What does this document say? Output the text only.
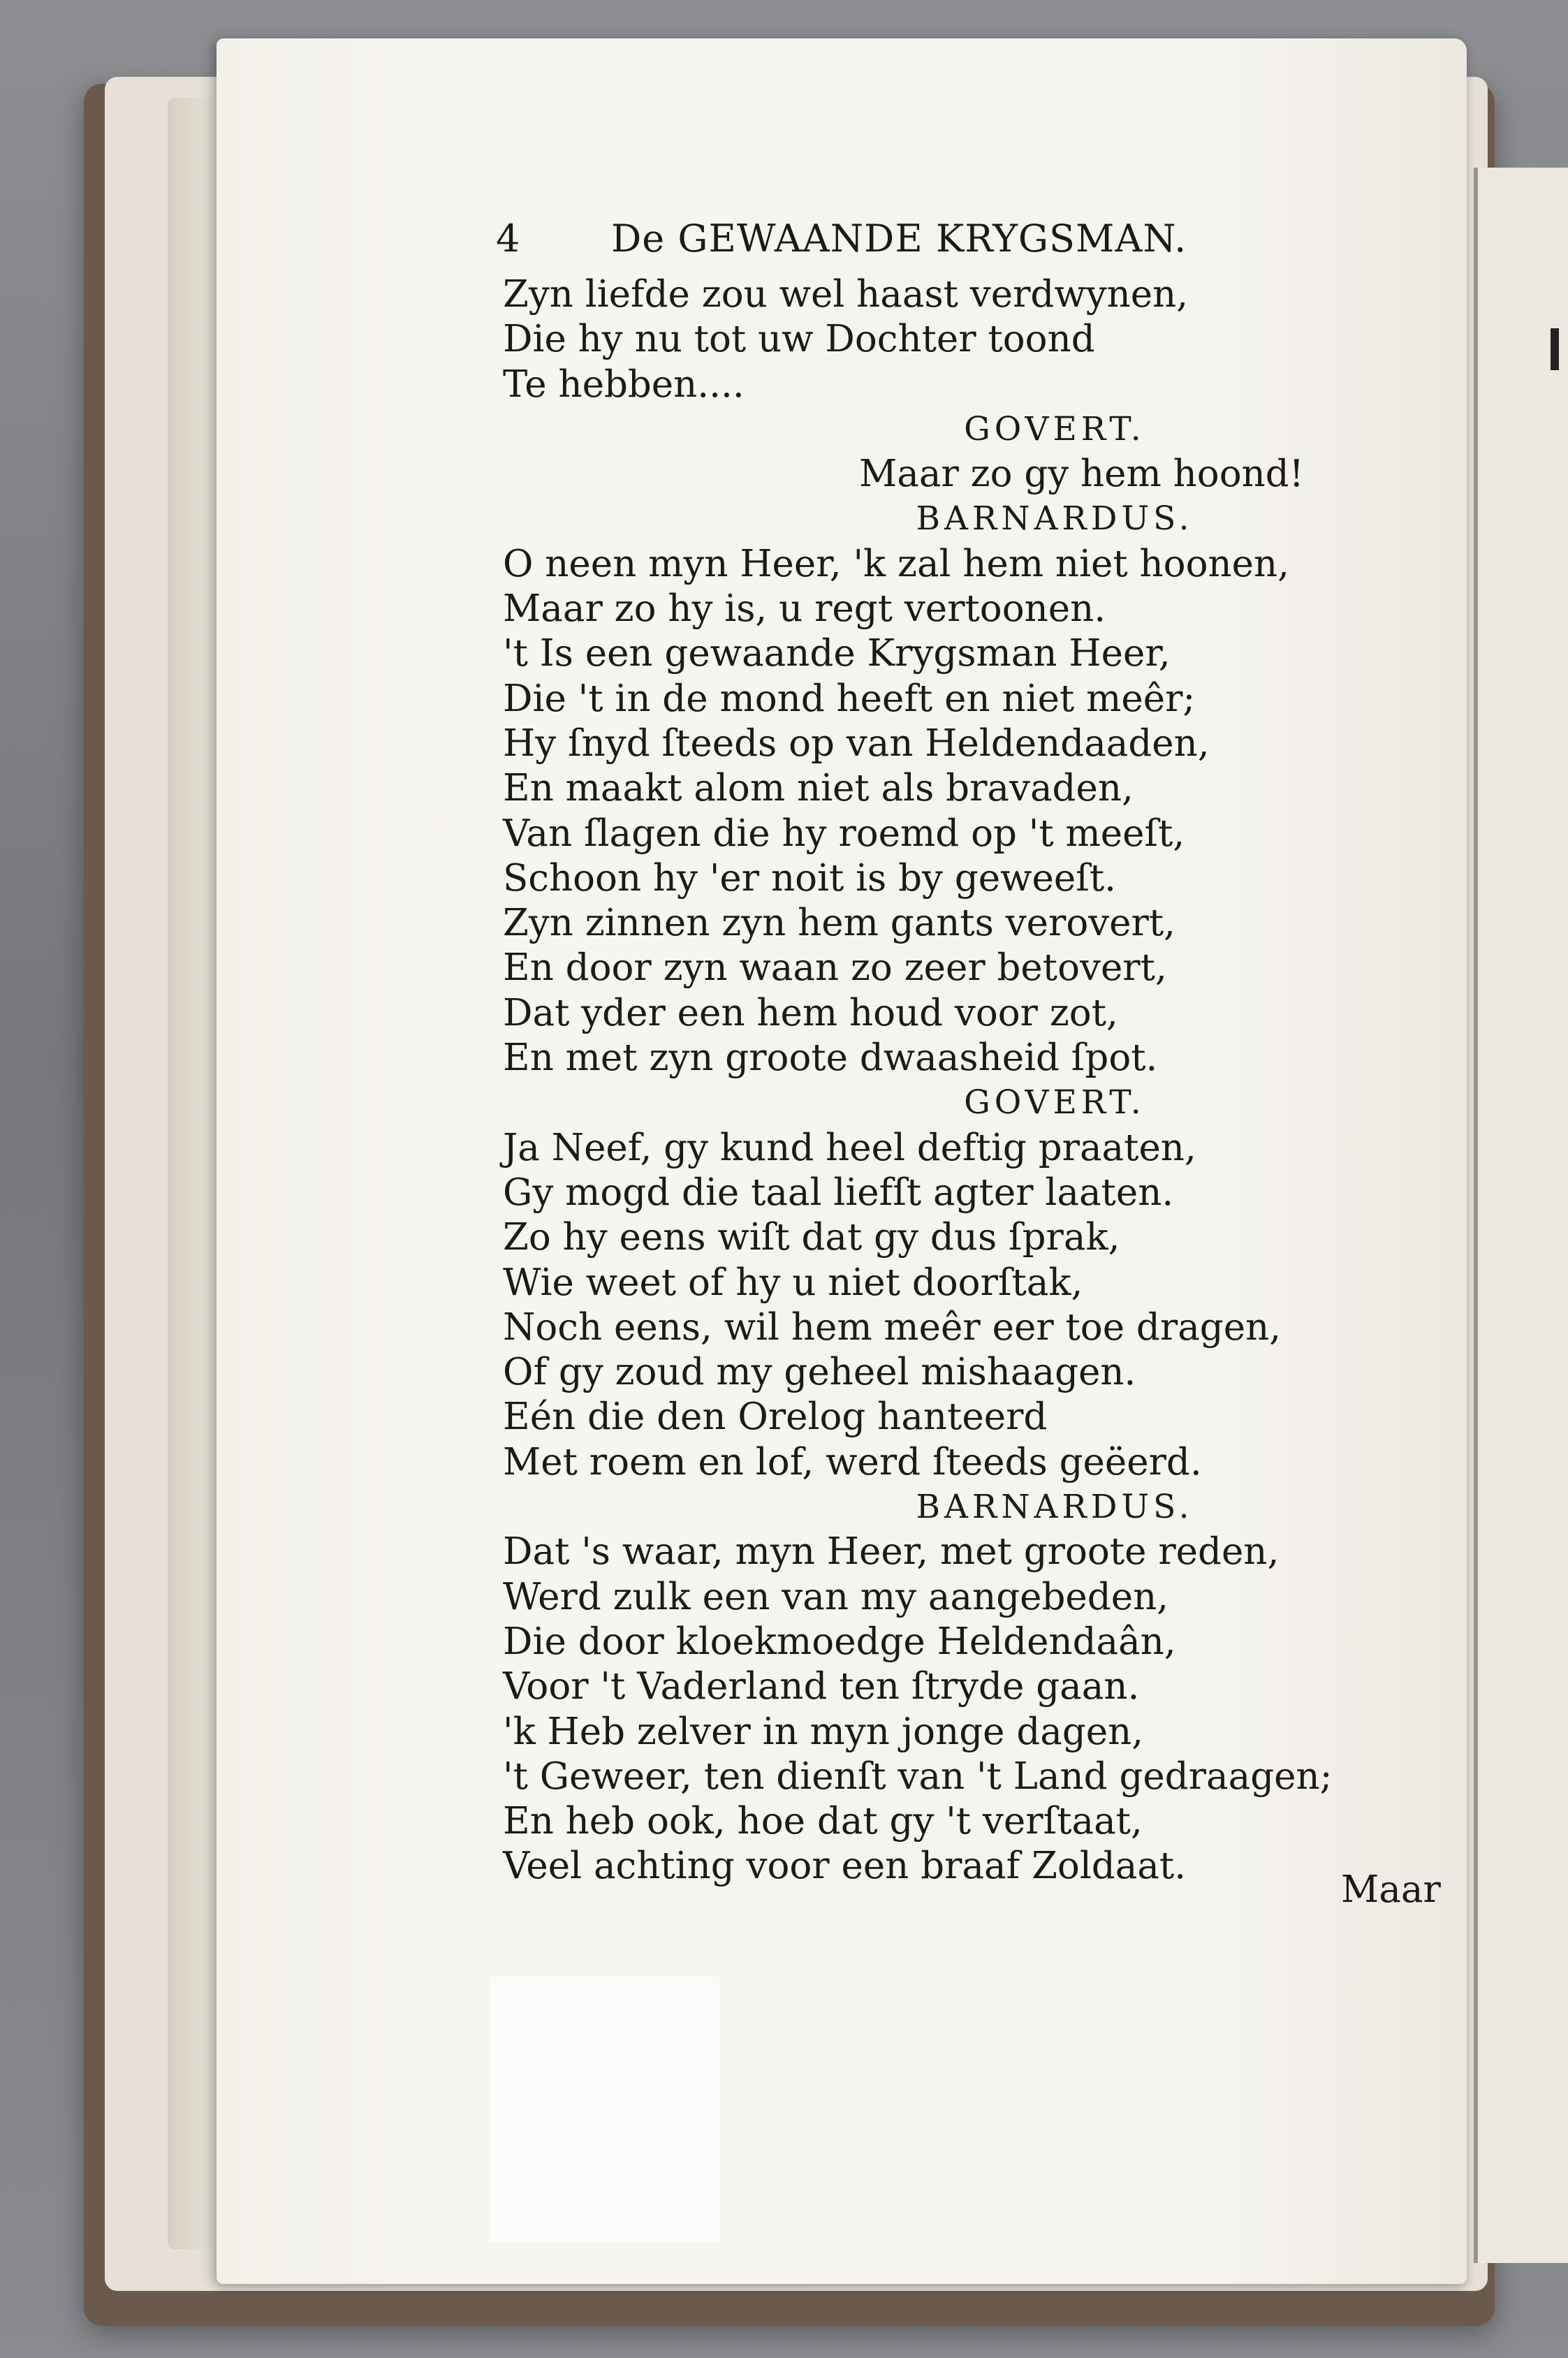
4 De GEWAANDE KRYGSMAN.
Zyn liefde zou wel haast verdwynen,
Die hy nu tot uw Dochter toond
Te hebben....
GOVERT.
Maar zo gy hem hoond!
BARNARDUS.
O neen myn Heer, 'k zal hem niet hoonen,
Maar zo hy is, u regt vertoonen.
't Is een gewaande Krygsman Heer,
Die 't in de mond heeft en niet meêr;
Hy ſnyd ſteeds op van Heldendaaden,
En maakt alom niet als bravaden,
Van ſlagen die hy roemd op 't meeſt,
Schoon hy 'er noit is by geweeſt.
Zyn zinnen zyn hem gants verovert,
En door zyn waan zo zeer betovert,
Dat yder een hem houd voor zot,
En met zyn groote dwaasheid ſpot.
GOVERT.
Ja Neef, gy kund heel deftig praaten,
Gy mogd die taal liefſt agter laaten.
Zo hy eens wiſt dat gy dus ſprak,
Wie weet of hy u niet doorſtak,
Noch eens, wil hem meêr eer toe dragen,
Of gy zoud my geheel mishaagen.
Eén die den Orelog hanteerd
Met roem en lof, werd ſteeds geëerd.
BARNARDUS.
Dat 's waar, myn Heer, met groote reden,
Werd zulk een van my aangebeden,
Die door kloekmoedge Heldendaân,
Voor 't Vaderland ten ſtryde gaan.
'k Heb zelver in myn jonge dagen,
't Geweer, ten dienſt van 't Land gedraagen;
En heb ook, hoe dat gy 't verſtaat,
Veel achting voor een braaf Zoldaat.
Maar
